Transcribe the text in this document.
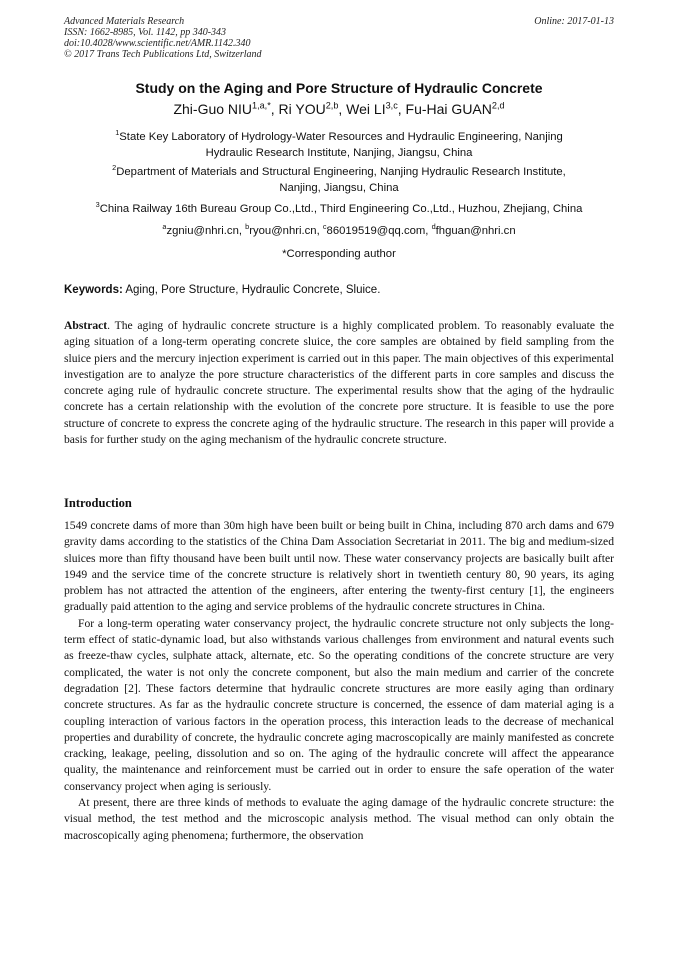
Advanced Materials Research
ISSN: 1662-8985, Vol. 1142, pp 340-343
doi:10.4028/www.scientific.net/AMR.1142.340
© 2017 Trans Tech Publications Ltd, Switzerland
Online: 2017-01-13
Study on the Aging and Pore Structure of Hydraulic Concrete
Zhi-Guo $NIU^{1,a,*}$, Ri YOU$^{2,b}$, Wei LI$^{3,c}$, Fu-Hai GUAN$^{2,d}$
$^1$State Key Laboratory of Hydrology-Water Resources and Hydraulic Engineering, Nanjing
Hydraulic Research Institute, Nanjing, Jiangsu, China
$^2$Department of Materials and Structural Engineering, Nanjing Hydraulic Research Institute,
Nanjing, Jiangsu, China
$^3$China Railway 16th Bureau Group Co.,Ltd., Third Engineering Co.,Ltd., Huzhou, Zhejiang, China
$^a$zgniu@nhri.cn, $^b$ryou@nhri.cn, $^c$86019519@qq.com, $^d$fhguan@nhri.cn
*Corresponding author
Keywords: Aging, Pore Structure, Hydraulic Concrete, Sluice.
Abstract. The aging of hydraulic concrete structure is a highly complicated problem. To reasonably evaluate the aging situation of a long-term operating concrete sluice, the core samples are obtained by field sampling from the sluice piers and the mercury injection experiment is carried out in this paper. The main objectives of this experimental investigation are to analyze the pore structure characteristics of the different parts in core samples and discuss the concrete aging rule of hydraulic concrete structure. The experimental results show that the aging of the hydraulic concrete has a certain relationship with the evolution of the concrete pore structure. It is feasible to use the pore structure of concrete to express the concrete aging of the hydraulic structure. The research in this paper will provide a basis for further study on the aging mechanism of the hydraulic concrete structure.
Introduction
1549 concrete dams of more than 30m high have been built or being built in China, including 870 arch dams and 679 gravity dams according to the statistics of the China Dam Association Secretariat in 2011. The big and medium-sized sluices more than fifty thousand have been built until now. These water conservancy projects are basically built after 1949 and the service time of the concrete structure is relatively short in twentieth century 80, 90 years, its aging problem has not attracted the attention of the engineers, after entering the twenty-first century [1], the engineers gradually paid attention to the aging and service problems of the hydraulic concrete structures in China.
For a long-term operating water conservancy project, the hydraulic concrete structure not only subjects the long-term effect of static-dynamic load, but also withstands various challenges from environment and natural events such as freeze-thaw cycles, sulphate attack, alternate, etc. So the operating conditions of the concrete structure are very complicated, the water is not only the concrete component, but also the main medium and carrier of the concrete degradation [2]. These factors determine that hydraulic concrete structures are more easily aging than ordinary concrete structures. As far as the hydraulic concrete structure is concerned, the essence of dam material aging is a coupling interaction of various factors in the operation process, this interaction leads to the decrease of mechanical properties and durability of concrete, the hydraulic concrete aging macroscopically are mainly manifested as concrete cracking, leakage, peeling, dissolution and so on. The aging of the hydraulic concrete will affect the appearance quality, the maintenance and reinforcement must be carried out in order to ensure the safe operation of the water conservancy project when aging is seriously.
At present, there are three kinds of methods to evaluate the aging damage of the hydraulic concrete structure: the visual method, the test method and the microscopic analysis method. The visual method can only obtain the macroscopically aging phenomena; furthermore, the observation
